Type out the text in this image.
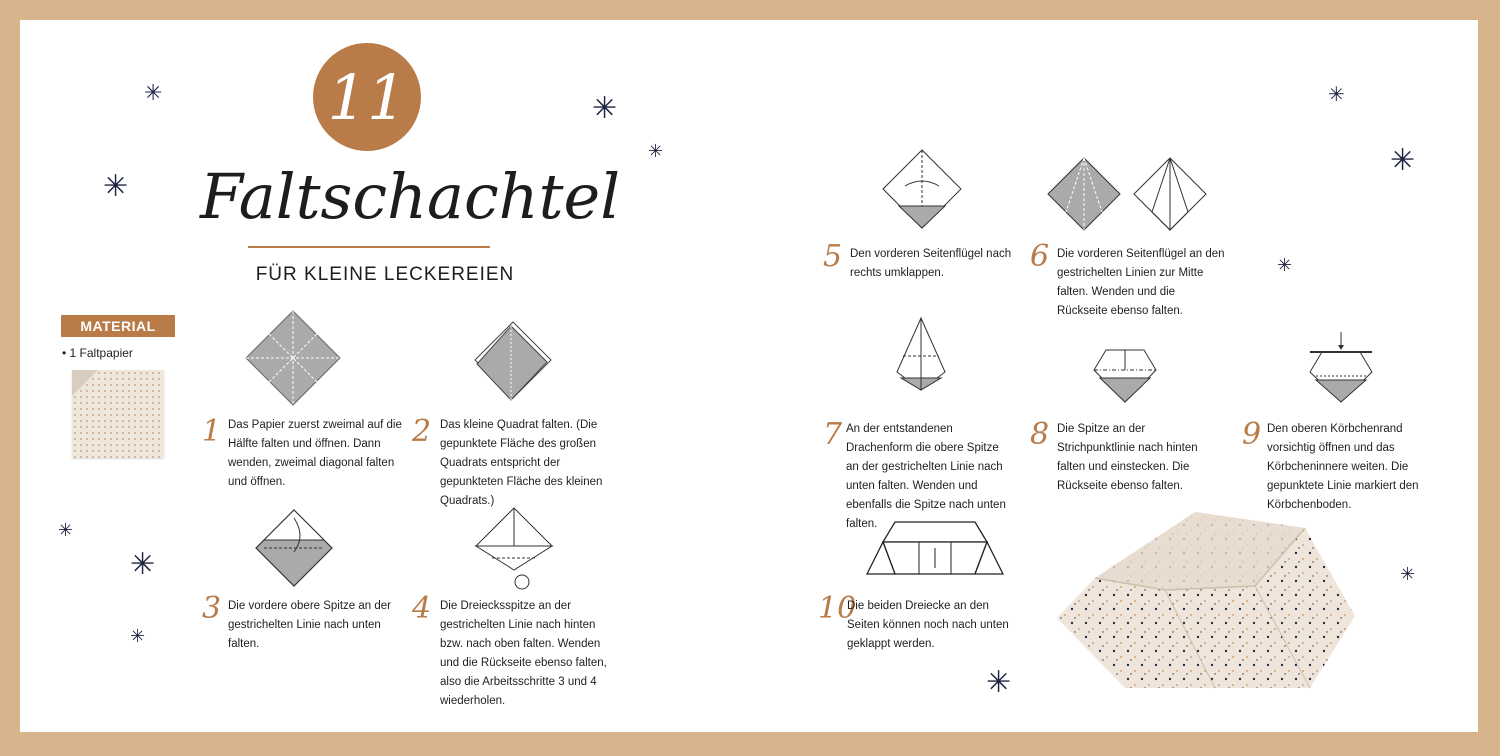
✳
✳
✳
✳
✳
✳
✳
✳
✳
✳
✳
✳
11
Faltschachtel
FÜR KLEINE LECKEREIEN
MATERIAL
• 1 Faltpapier
1 Das Papier zuerst zweimal auf die Hälfte falten und öffnen. Dann wenden, zweimal diagonal falten und öffnen.
2 Das kleine Quadrat falten. (Die gepunktete Fläche des großen Quadrats entspricht der gepunkteten Fläche des kleinen Quadrats.)
3 Die vordere obere Spitze an der gestrichelten Linie nach unten falten.
4 Die Dreiecksspitze an der gestrichelten Linie nach hinten bzw. nach oben falten. Wenden und die Rückseite ebenso falten, also die Arbeitsschritte 3 und 4 wiederholen.
5 Den vorderen Seitenflügel nach rechts umklappen.	6 Die vorderen Seitenflügel an den gestrichelten Linien zur Mitte falten. Wenden und die Rückseite ebenso falten.
7 An der entstandenen Drachenform die obere Spitze an der gestrichelten Linie nach unten falten. Wenden und ebenfalls die Spitze nach unten falten.
8 Die Spitze an der Strichpunktlinie nach hinten falten und einstecken. Die Rückseite ebenso falten.
9 Den oberen Körbchenrand vorsichtig öffnen und das Körbcheninnere weiten. Die gepunktete Linie markiert den Körbchenboden.
10
Die beiden Dreiecke an den Seiten können noch nach unten geklappt werden.
